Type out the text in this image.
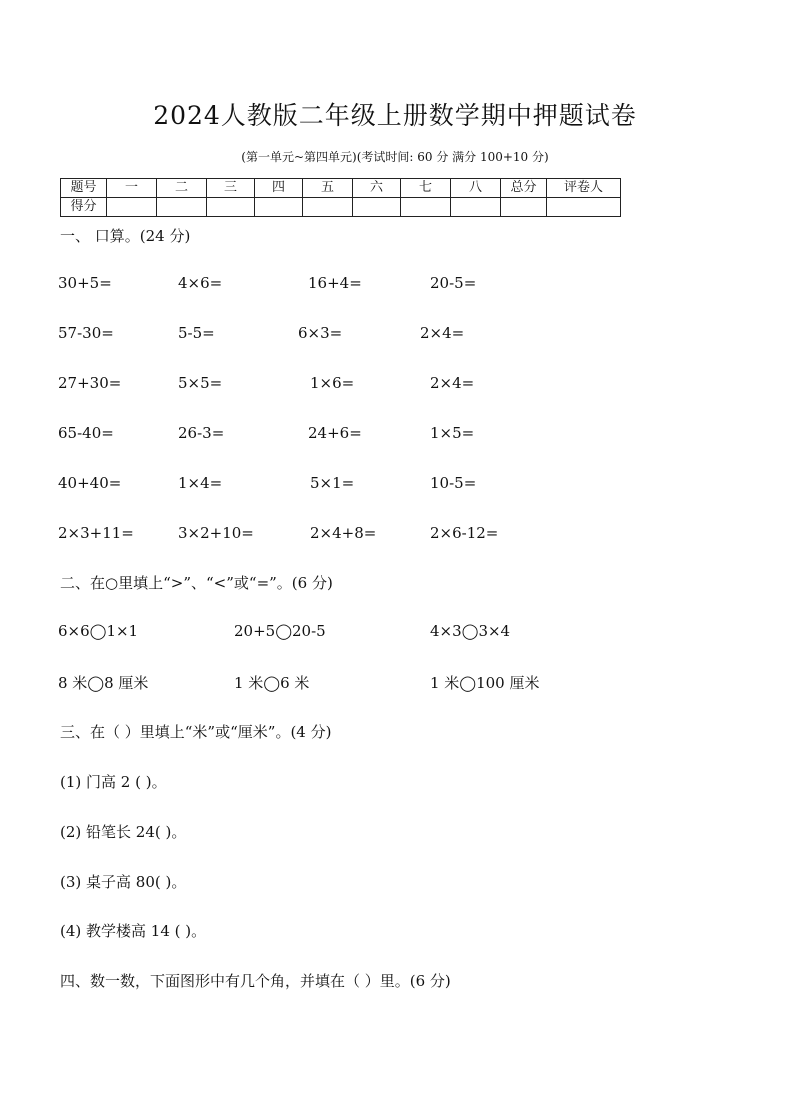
2024人教版二年级上册数学期中押题试卷
(第一单元~第四单元)(考试时间: 60 分 满分 100+10 分)
题号	一	二	三	四	五	六	七	八	总分	评卷人
得分										
一、 口算。(24 分)
30+5=	4×6=	16+4=	20-5=
57-30=	5-5=	6×3=	2×4=
27+30=	5×5=	1×6=	2×4=
65-40=	26-3=	24+6=	1×5=
40+40=	1×4=	5×1=	10-5=
2×3+11=	3×2+10=	2×4+8=	2×6-12=
二、在○里填上“>”、“<”或“=”。(6 分)
6×6◯1×1	20+5◯20-5	4×3◯3×4
8 米◯8 厘米	1 米◯6 米	1 米◯100 厘米
三、在（ ）里填上“米”或“厘米”。(4 分)
(1) 门高 2 ( )。
(2) 铅笔长 24( )。
(3) 桌子高 80( )。
(4) 教学楼高 14 ( )。
四、数一数，下面图形中有几个角，并填在（ ）里。(6 分)
